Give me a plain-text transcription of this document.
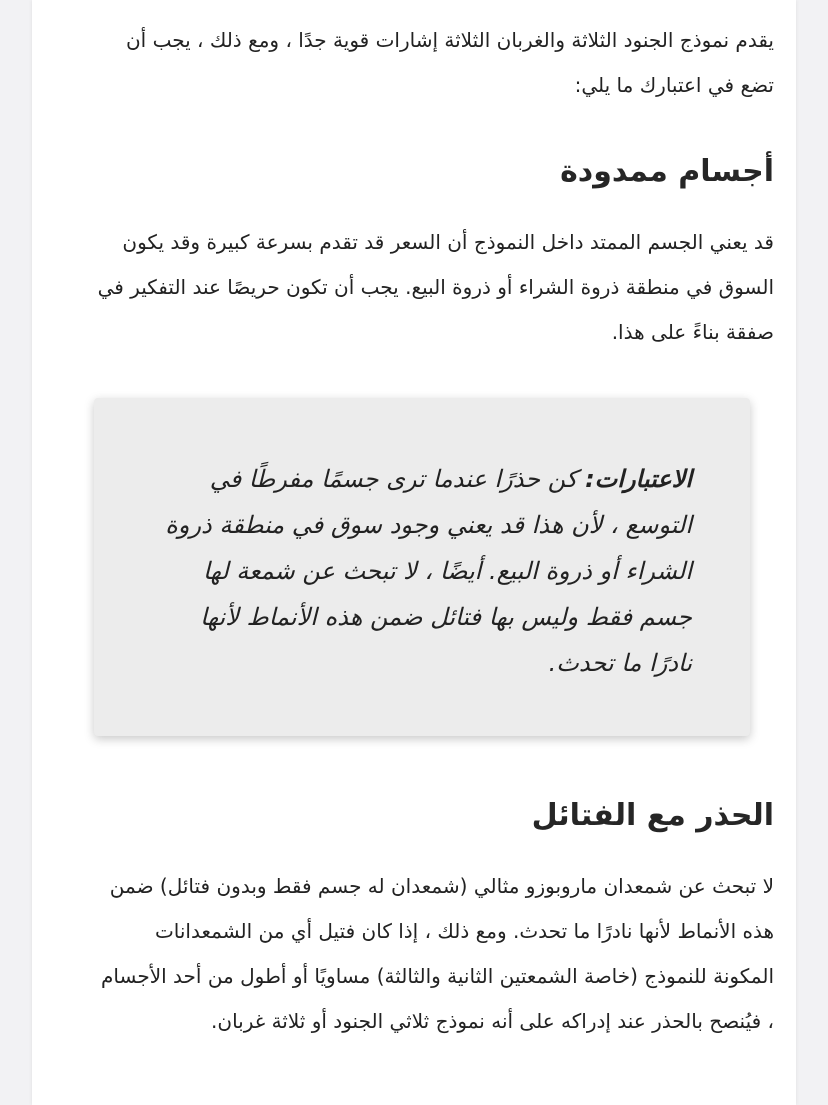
يقدم نموذج الجنود الثلاثة والغربان الثلاثة إشارات قوية جدًا ، ومع ذلك ، يجب أن تضع في اعتبارك ما يلي:

أجسام ممدودة

قد يعني الجسم الممتد داخل النموذج أن السعر قد تقدم بسرعة كبيرة وقد يكون السوق في منطقة ذروة الشراء أو ذروة البيع. يجب أن تكون حريصًا عند التفكير في صفقة بناءً على هذا.

الاعتبارات: كن حذرًا عندما ترى جسمًا مفرطًا في التوسع ، لأن هذا قد يعني وجود سوق في منطقة ذروة الشراء أو ذروة البيع. أيضًا ، لا تبحث عن شمعة لها جسم فقط وليس بها فتائل ضمن هذه الأنماط لأنها نادرًا ما تحدث.
الحذر مع الفتائل

لا تبحث عن شمعدان ماروبوزو مثالي (شمعدان له جسم فقط وبدون فتائل) ضمن هذه الأنماط لأنها نادرًا ما تحدث. ومع ذلك ، إذا كان فتيل أي من الشمعدانات المكونة للنموذج (خاصة الشمعتين الثانية والثالثة) مساويًا أو أطول من أحد الأجسام ، فيُنصح بالحذر عند إدراكه على أنه نموذج ثلاثي الجنود أو ثلاثة غربان.
